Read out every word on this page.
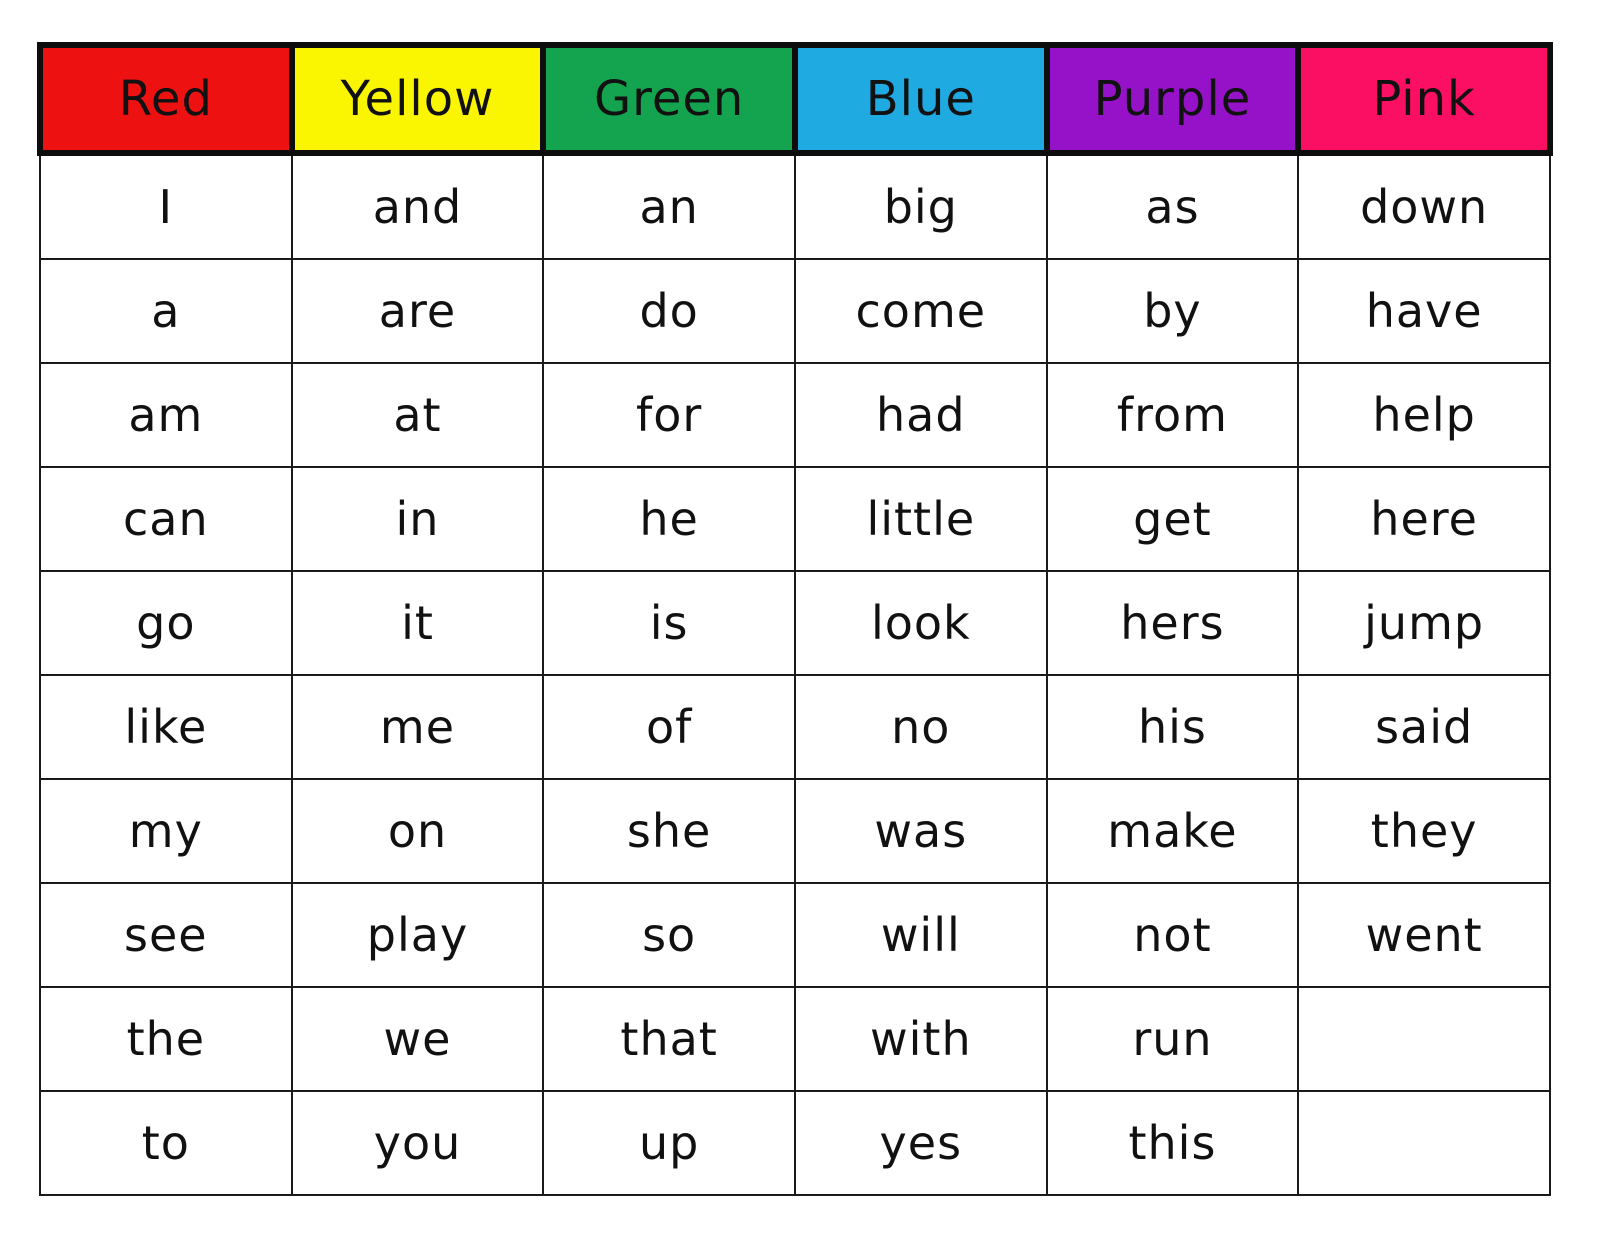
Red	Yellow	Green	Blue	Purple	Pink
I	and	an	big	as	down
a	are	do	come	by	have
am	at	for	had	from	help
can	in	he	little	get	here
go	it	is	look	hers	jump
like	me	of	no	his	said
my	on	she	was	make	they
see	play	so	will	not	went
the	we	that	with	run	
to	you	up	yes	this	
